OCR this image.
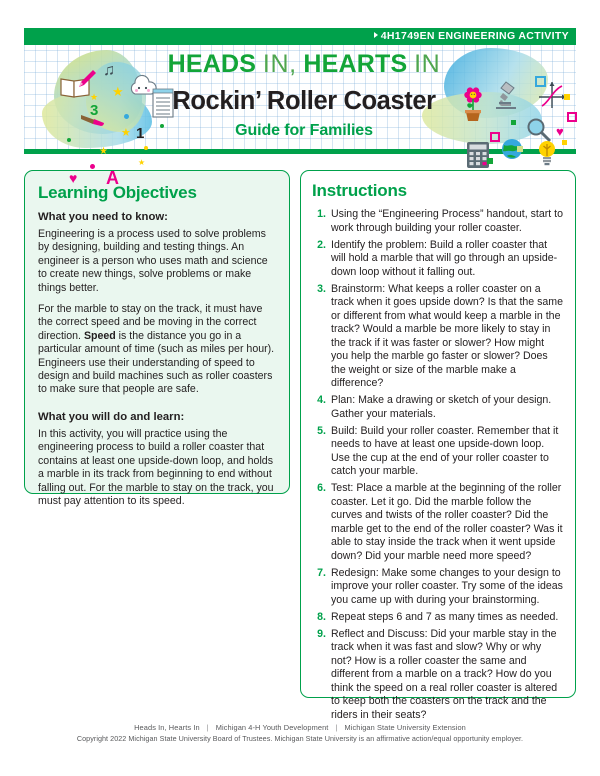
4H1749EN ENGINEERING ACTIVITY
♫
3
1
A
♥
★
★
★
★
★
♥
HEADS IN, HEARTS IN
Rockin’ Roller Coaster
Guide for Families
Learning Objectives
What you need to know:

Engineering is a process used to solve problems by designing, building and testing things. An engineer is a person who uses math and science to create new things, solve problems or make things better.

For the marble to stay on the track, it must have the correct speed and be moving in the correct direction. Speed is the distance you go in a particular amount of time (such as miles per hour). Engineers use their understanding of speed to design and build machines such as roller coasters to make sure that people are safe.

What you will do and learn:

In this activity, you will practice using the engineering process to build a roller coaster that contains at least one upside-down loop, and holds a marble in its track from beginning to end without falling out. For the marble to stay on the track, you must pay attention to its speed.

Instructions
1. Using the “Engineering Process” handout, start to work through building your roller coaster.
2. Identify the problem: Build a roller coaster that will hold a marble that will go through an upside-down loop without it falling out.
3. Brainstorm: What keeps a roller coaster on a track when it goes upside down? Is that the same or different from what would keep a marble in the track? Would a marble be more likely to stay in the track if it was faster or slower? How might you help the marble go faster or slower? Does the weight or size of the marble make a difference?
4. Plan: Make a drawing or sketch of your design. Gather your materials.
5. Build: Build your roller coaster. Remember that it needs to have at least one upside-down loop. Use the cup at the end of your roller coaster to catch your marble.
6. Test: Place a marble at the beginning of the roller coaster. Let it go. Did the marble follow the curves and twists of the roller coaster? Did the marble get to the end of the roller coaster? Was it able to stay inside the track when it went upside down? Did your marble need more speed?
7. Redesign: Make some changes to your design to improve your roller coaster. Try some of the ideas you came up with during your brainstorming.
8. Repeat steps 6 and 7 as many times as needed.
9. Reflect and Discuss: Did your marble stay in the track when it was fast and slow? Why or why not? How is a roller coaster the same and different from a marble on a track? How do you think the speed on a real roller coaster is altered to keep both the coasters on the track and the riders in their seats?
Heads In, Hearts In | Michigan 4-H Youth Development | Michigan State University Extension
Copyright 2022 Michigan State University Board of Trustees. Michigan State University is an affirmative action/equal opportunity employer.
